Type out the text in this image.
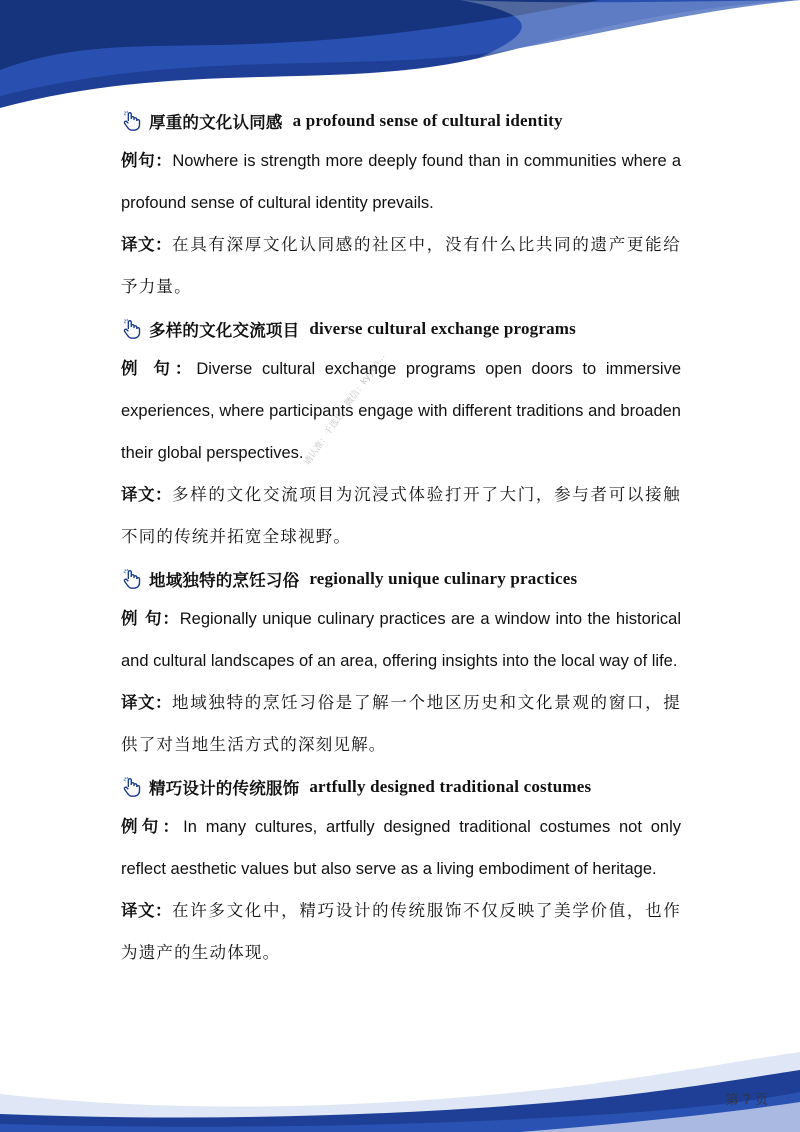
厚重的文化认同感 a profound sense of cultural identity
例句：Nowhere is strength more deeply found than in communities where a profound sense of cultural identity prevails.
译文：在具有深厚文化认同感的社区中，没有什么比共同的遗产更能给予力量。
多样的文化交流项目 diverse cultural exchange programs
例 句：Diverse cultural exchange programs open doors to immersive experiences, where participants engage with different traditions and broaden their global perspectives.
译文：多样的文化交流项目为沉浸式体验打开了大门，参与者可以接触不同的传统并拓宽全球视野。
地域独特的烹饪习俗 regionally unique culinary practices
例 句：Regionally unique culinary practices are a window into the historical and cultural landscapes of an area, offering insights into the local way of life.
译文：地域独特的烹饪习俗是了解一个地区历史和文化景观的窗口，提供了对当地生活方式的深刻见解。
精巧设计的传统服饰 artfully designed traditional costumes
例句：In many cultures, artfully designed traditional costumes not only reflect aesthetic values but also serve as a living embodiment of heritage.
译文：在许多文化中，精巧设计的传统服饰不仅反映了美学价值，也作为遗产的生动体现。
请认准：千选思...微信：kyyan...
第 7 页
